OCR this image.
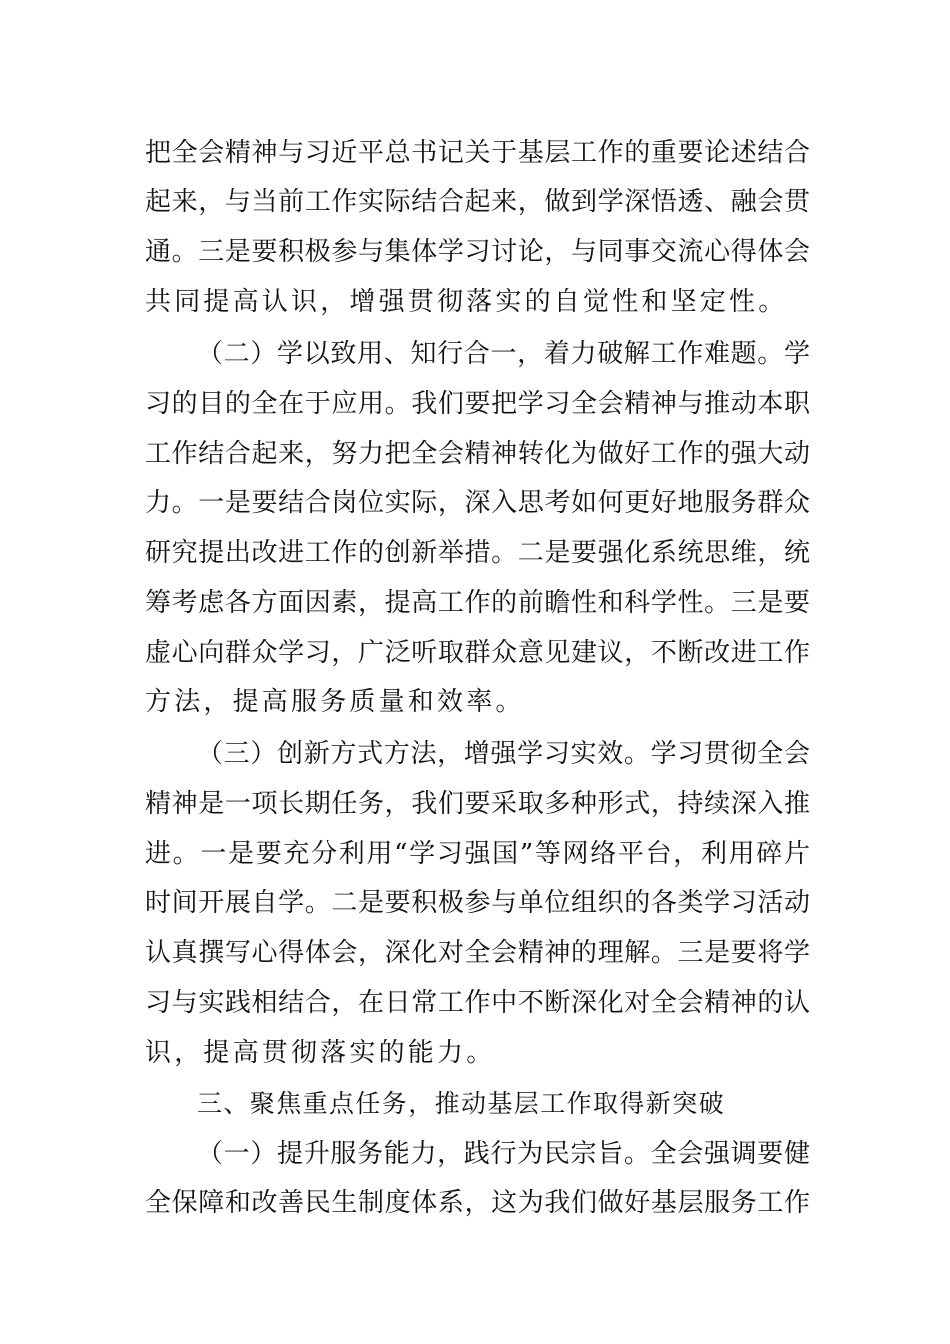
把全会精神与习近平总书记关于基层工作的重要论述结合
起来，与当前工作实际结合起来，做到学深悟透、融会贯
通。三是要积极参与集体学习讨论，与同事交流心得体会
共同提高认识，增强贯彻落实的自觉性和坚定性。
（二）学以致用、知行合一，着力破解工作难题。学
习的目的全在于应用。我们要把学习全会精神与推动本职
工作结合起来，努力把全会精神转化为做好工作的强大动
力。一是要结合岗位实际，深入思考如何更好地服务群众
研究提出改进工作的创新举措。二是要强化系统思维，统
筹考虑各方面因素，提高工作的前瞻性和科学性。三是要
虚心向群众学习，广泛听取群众意见建议，不断改进工作
方法，提高服务质量和效率。
（三）创新方式方法，增强学习实效。学习贯彻全会
精神是一项长期任务，我们要采取多种形式，持续深入推
进。一是要充分利用“学习强国”等网络平台，利用碎片
时间开展自学。二是要积极参与单位组织的各类学习活动
认真撰写心得体会，深化对全会精神的理解。三是要将学
习与实践相结合，在日常工作中不断深化对全会精神的认
识，提高贯彻落实的能力。
三、聚焦重点任务，推动基层工作取得新突破
（一）提升服务能力，践行为民宗旨。全会强调要健
全保障和改善民生制度体系，这为我们做好基层服务工作
